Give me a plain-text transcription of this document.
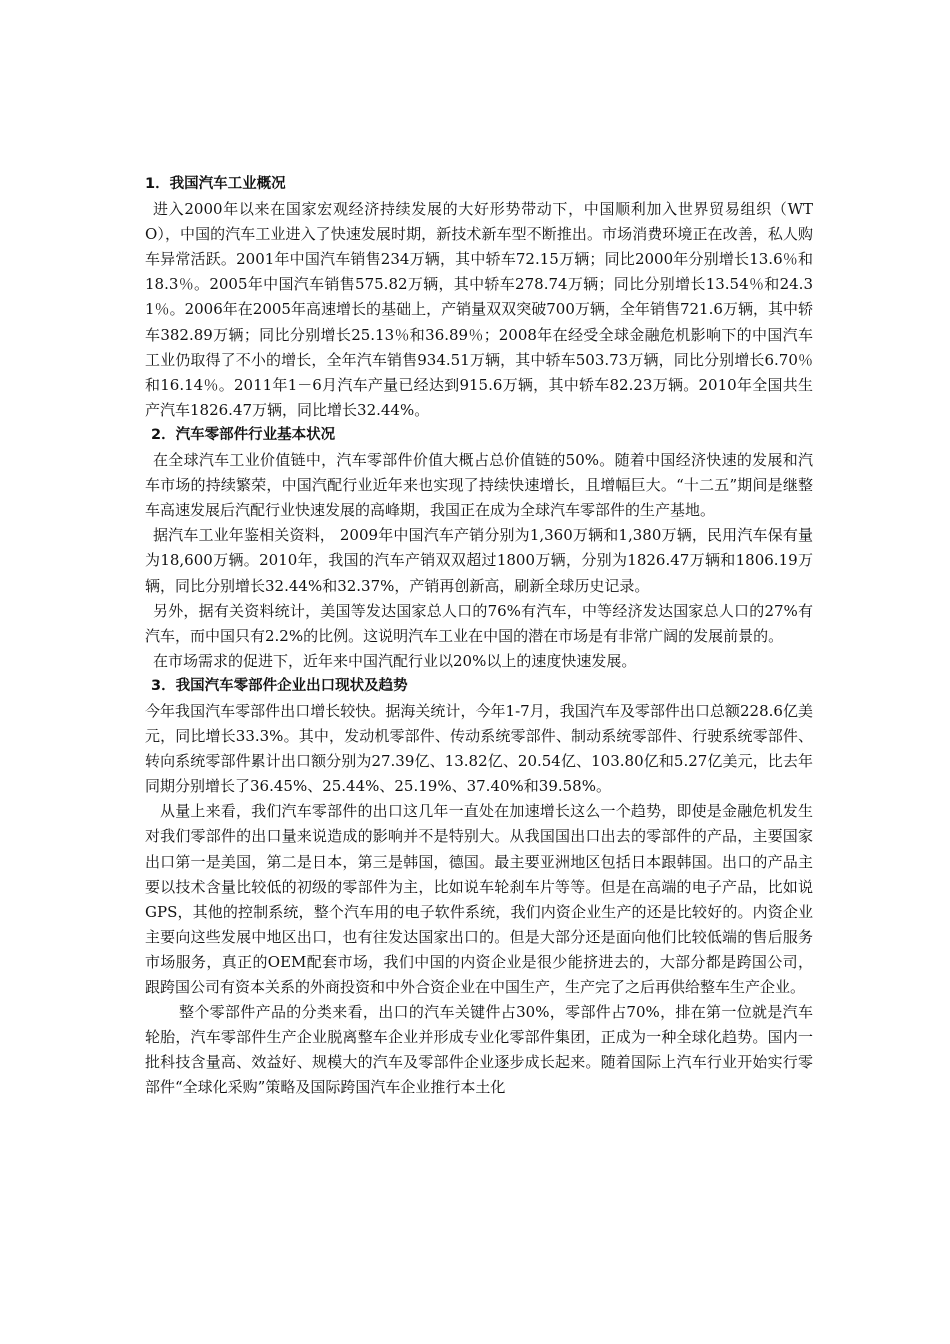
1．我国汽车工业概况

进入2000年以来在国家宏观经济持续发展的大好形势带动下，中国顺利加入世界贸易组织（WTO），中国的汽车工业进入了快速发展时期，新技术新车型不断推出。市场消费环境正在改善，私人购车异常活跃。2001年中国汽车销售234万辆，其中轿车72.15万辆；同比2000年分别增长13.6％和18.3％。2005年中国汽车销售575.82万辆，其中轿车278.74万辆；同比分别增长13.54％和24.31％。2006年在2005年高速增长的基础上，产销量双双突破700万辆，全年销售721.6万辆，其中轿车382.89万辆；同比分别增长25.13％和36.89％；2008年在经受全球金融危机影响下的中国汽车工业仍取得了不小的增长，全年汽车销售934.51万辆，其中轿车503.73万辆，同比分别增长6.70％和16.14％。2011年1－6月汽车产量已经达到915.6万辆，其中轿车82.23万辆。2010年全国共生产汽车1826.47万辆，同比增长32.44%。

2．汽车零部件行业基本状况

在全球汽车工业价值链中，汽车零部件价值大概占总价值链的50%。随着中国经济快速的发展和汽车市场的持续繁荣，中国汽配行业近年来也实现了持续快速增长，且增幅巨大。“十二五”期间是继整车高速发展后汽配行业快速发展的高峰期，我国正在成为全球汽车零部件的生产基地。

据汽车工业年鉴相关资料， 2009年中国汽车产销分别为1,360万辆和1,380万辆，民用汽车保有量为18,600万辆。2010年，我国的汽车产销双双超过1800万辆，分别为1826.47万辆和1806.19万辆，同比分别增长32.44%和32.37%，产销再创新高，刷新全球历史记录。

另外，据有关资料统计，美国等发达国家总人口的76%有汽车，中等经济发达国家总人口的27%有汽车，而中国只有2.2%的比例。这说明汽车工业在中国的潜在市场是有非常广阔的发展前景的。

在市场需求的促进下，近年来中国汽配行业以20%以上的速度快速发展。

3．我国汽车零部件企业出口现状及趋势

今年我国汽车零部件出口增长较快。据海关统计，今年1-7月，我国汽车及零部件出口总额228.6亿美元，同比增长33.3%。其中，发动机零部件、传动系统零部件、制动系统零部件、行驶系统零部件、转向系统零部件累计出口额分别为27.39亿、13.82亿、20.54亿、103.80亿和5.27亿美元，比去年同期分别增长了36.45%、25.44%、25.19%、37.40%和39.58%。

从量上来看，我们汽车零部件的出口这几年一直处在加速增长这么一个趋势，即使是金融危机发生对我们零部件的出口量来说造成的影响并不是特别大。从我国国出口出去的零部件的产品，主要国家出口第一是美国，第二是日本，第三是韩国，德国。最主要亚洲地区包括日本跟韩国。出口的产品主要以技术含量比较低的初级的零部件为主，比如说车轮刹车片等等。但是在高端的电子产品，比如说GPS，其他的控制系统，整个汽车用的电子软件系统，我们内资企业生产的还是比较好的。内资企业主要向这些发展中地区出口，也有往发达国家出口的。但是大部分还是面向他们比较低端的售后服务市场服务，真正的OEM配套市场，我们中国的内资企业是很少能挤进去的，大部分都是跨国公司，跟跨国公司有资本关系的外商投资和中外合资企业在中国生产，生产完了之后再供给整车生产企业。

整个零部件产品的分类来看，出口的汽车关键件占30%，零部件占70%，排在第一位就是汽车轮胎，汽车零部件生产企业脱离整车企业并形成专业化零部件集团，正成为一种全球化趋势。国内一批科技含量高、效益好、规模大的汽车及零部件企业逐步成长起来。随着国际上汽车行业开始实行零部件“全球化采购”策略及国际跨国汽车企业推行本土化
